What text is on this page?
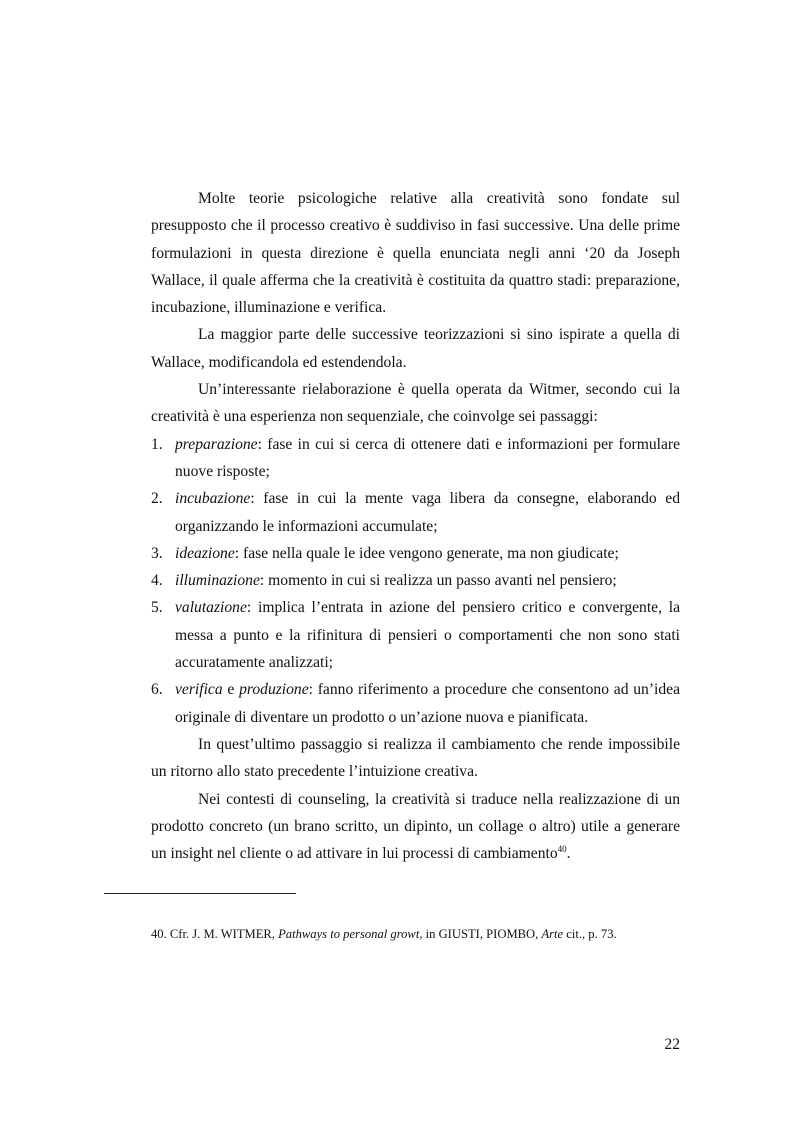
Molte teorie psicologiche relative alla creatività sono fondate sul presupposto che il processo creativo è suddiviso in fasi successive. Una delle prime formulazioni in questa direzione è quella enunciata negli anni ‘20 da Joseph Wallace, il quale afferma che la creatività è costituita da quattro stadi: preparazione, incubazione, illuminazione e verifica.

La maggior parte delle successive teorizzazioni si sino ispirate a quella di Wallace, modificandola ed estendendola.

Un’interessante rielaborazione è quella operata da Witmer, secondo cui la creatività è una esperienza non sequenziale, che coinvolge sei passaggi:

1. preparazione: fase in cui si cerca di ottenere dati e informazioni per formulare nuove risposte;
2. incubazione: fase in cui la mente vaga libera da consegne, elaborando ed organizzando le informazioni accumulate;
3. ideazione: fase nella quale le idee vengono generate, ma non giudicate;
4. illuminazione: momento in cui si realizza un passo avanti nel pensiero;
5. valutazione: implica l’entrata in azione del pensiero critico e convergente, la messa a punto e la rifinitura di pensieri o comportamenti che non sono stati accuratamente analizzati;
6. verifica e produzione: fanno riferimento a procedure che consentono ad un’idea originale di diventare un prodotto o un’azione nuova e pianificata.

In quest’ultimo passaggio si realizza il cambiamento che rende impossibile un ritorno allo stato precedente l’intuizione creativa.

Nei contesti di counseling, la creatività si traduce nella realizzazione di un prodotto concreto (un brano scritto, un dipinto, un collage o altro) utile a generare un insight nel cliente o ad attivare in lui processi di cambiamento$^{40}$.

40. Cfr. J. M. WITMER, Pathways to personal growt, in GIUSTI, PIOMBO, Arte cit., p. 73.
22
